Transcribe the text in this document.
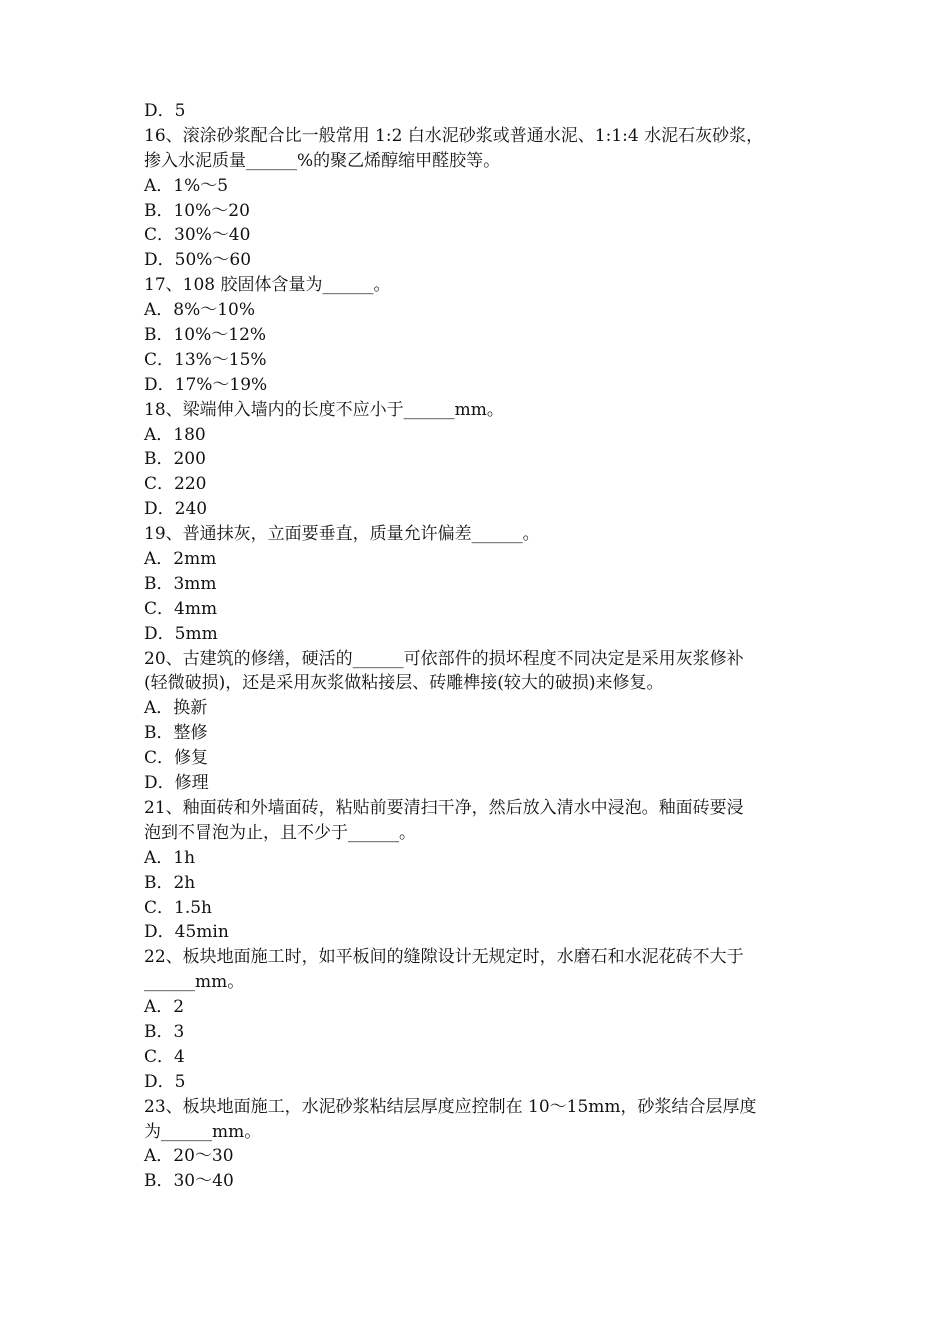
D．5
16、滚涂砂浆配合比一般常用 1:2 白水泥砂浆或普通水泥、1:1:4 水泥石灰砂浆，
掺入水泥质量______%的聚乙烯醇缩甲醛胶等。
A．1%～5
B．10%～20
C．30%～40
D．50%～60
17、108 胶固体含量为______。
A．8%～10%
B．10%～12%
C．13%～15%
D．17%～19%
18、梁端伸入墙内的长度不应小于______mm。
A．180
B．200
C．220
D．240
19、普通抹灰，立面要垂直，质量允许偏差______。
A．2mm
B．3mm
C．4mm
D．5mm
20、古建筑的修缮，硬活的______可依部件的损坏程度不同决定是采用灰浆修补
(轻微破损)，还是采用灰浆做粘接层、砖雕榫接(较大的破损)来修复。
A．换新
B．整修
C．修复
D．修理
21、釉面砖和外墙面砖，粘贴前要清扫干净，然后放入清水中浸泡。釉面砖要浸
泡到不冒泡为止，且不少于______。
A．1h
B．2h
C．1.5h
D．45min
22、板块地面施工时，如平板间的缝隙设计无规定时，水磨石和水泥花砖不大于
______mm。
A．2
B．3
C．4
D．5
23、板块地面施工，水泥砂浆粘结层厚度应控制在 10～15mm，砂浆结合层厚度
为______mm。
A．20～30
B．30～40
